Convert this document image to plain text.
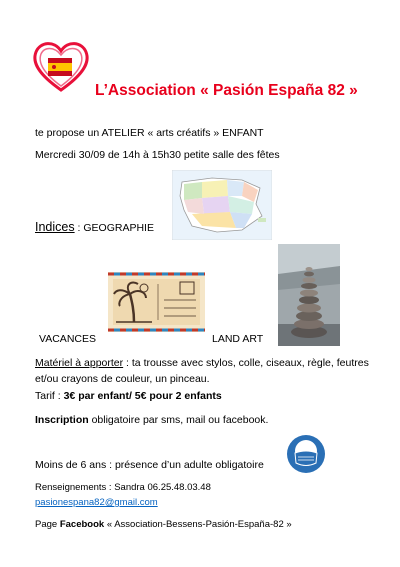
L’Association « Pasión España 82 »
te propose un ATELIER « arts créatifs » ENFANT
Mercredi 30/09 de 14h à 15h30 petite salle des fêtes
Indices : GEOGRAPHIE
VACANCES	LAND ART
Matériel à apporter : ta trousse avec stylos, colle, ciseaux, règle, feutres et/ou crayons de couleur, un pinceau.
Tarif : 3€ par enfant/ 5€ pour 2 enfants
Inscription obligatoire par sms, mail ou facebook.
Moins de 6 ans : présence d’un adulte obligatoire
Renseignements : Sandra 06.25.48.03.48
pasionespana82@gmail.com
Page Facebook « Association-Bessens-Pasión-España-82 »
